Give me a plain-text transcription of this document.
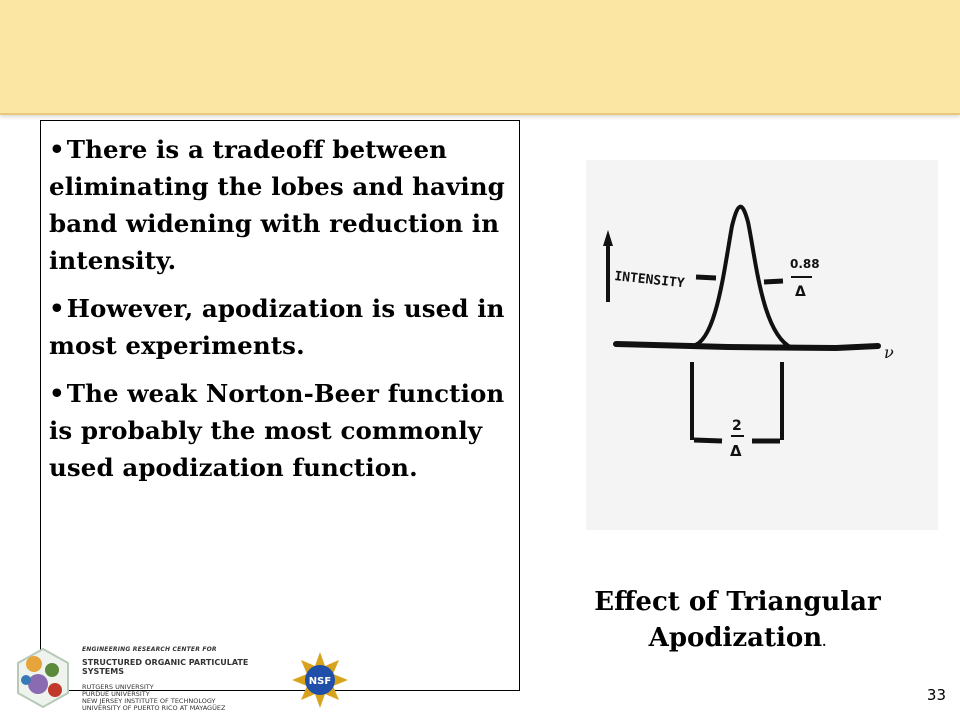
• There is a tradeoff between eliminating the lobes and having band widening with reduction in intensity.
• However, apodization is used in most experiments.
• The weak Norton-Beer function is probably the most commonly used apodization function.
INTENSITY
ν
0.88
Δ
2
Δ
Effect of Triangular Apodization.
33
ENGINEERING RESEARCH CENTER FOR
STRUCTURED ORGANIC PARTICULATE SYSTEMS
RUTGERS UNIVERSITY
PURDUE UNIVERSITY
NEW JERSEY INSTITUTE OF TECHNOLOGY
UNIVERSITY OF PUERTO RICO AT MAYAGÜEZ
NSF
